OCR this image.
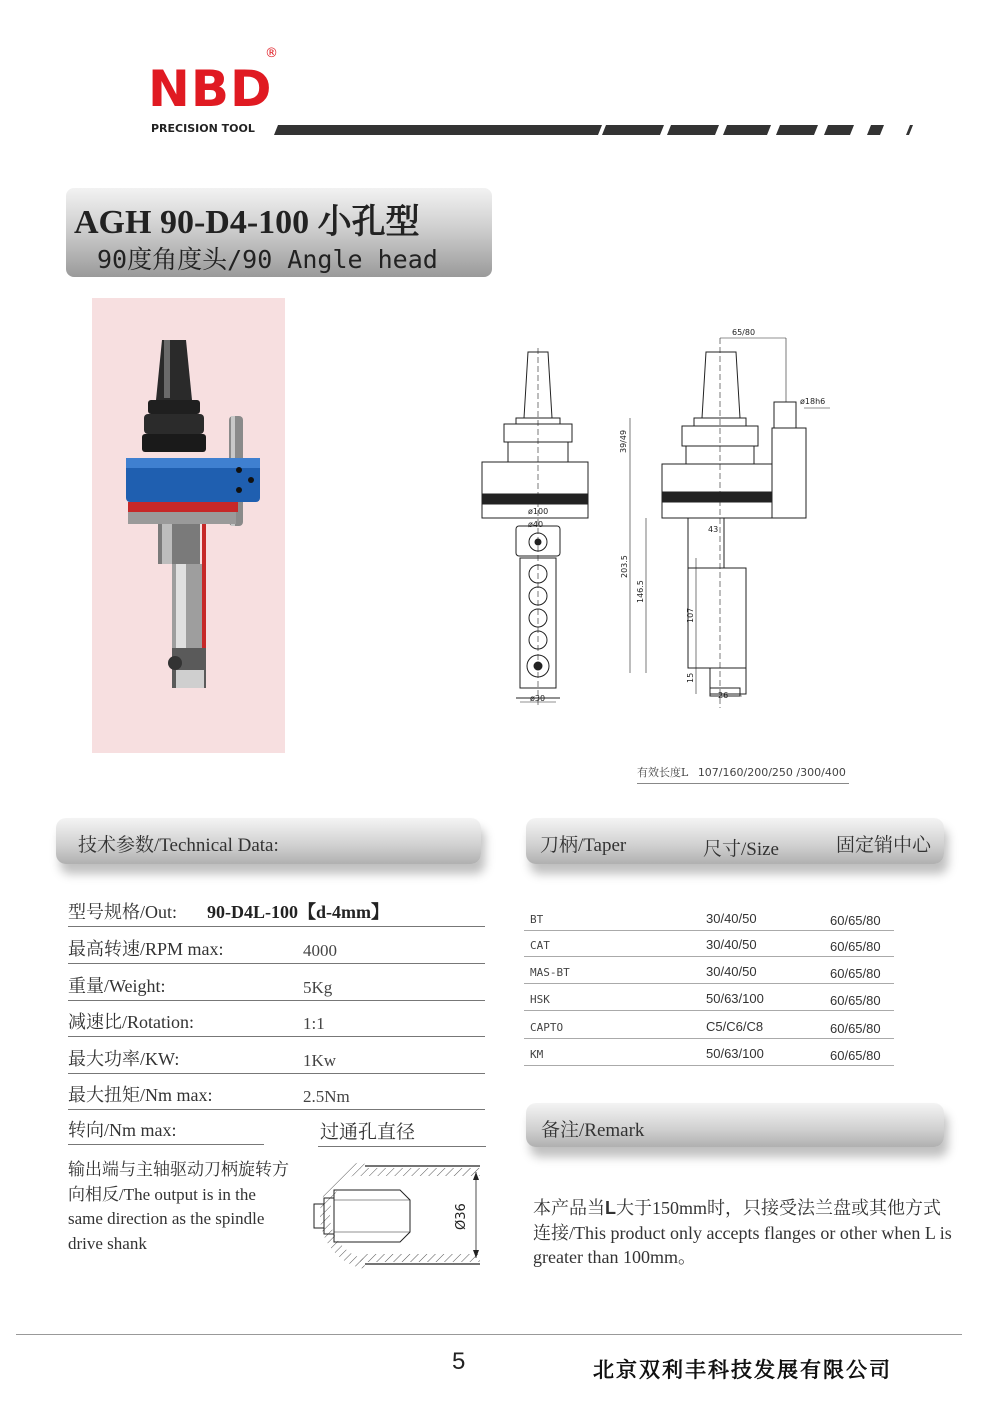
NBD
®
PRECISION TOOL
AGH 90-D4-100 小孔型
90度角度头/90 Angle head
65/80
ø18h6
39/49
ø100
ø40
43
203.5
146.5
107
15
26
ø30
有效长度L 107/160/200/250 /300/400
技术参数/Technical Data:	刀柄/Taper	尺寸/Size	固定销中心
型号规格/Out: 90-D4L-100【d-4mm】
最高转速/RPM max:	4000
重量/Weight:	5Kg
减速比/Rotation:	1:1
最大功率/KW:	1Kw
最大扭矩/Nm max:	2.5Nm
转向/Nm max:	过通孔直径
输出端与主轴驱动刀柄旋转方向相反/The output is in the same direction as the spindle drive shank
Ø36
BT	30/40/50	60/65/80
CAT	30/40/50	60/65/80
MAS-BT	30/40/50	60/65/80
HSK	50/63/100	60/65/80
CAPTO	C5/C6/C8	60/65/80
KM	50/63/100	60/65/80
备注/Remark
本产品当L大于150mm时，只接受法兰盘或其他方式连接/This product only accepts flanges or other when L is greater than 100mm。
5	北京双利丰科技发展有限公司
